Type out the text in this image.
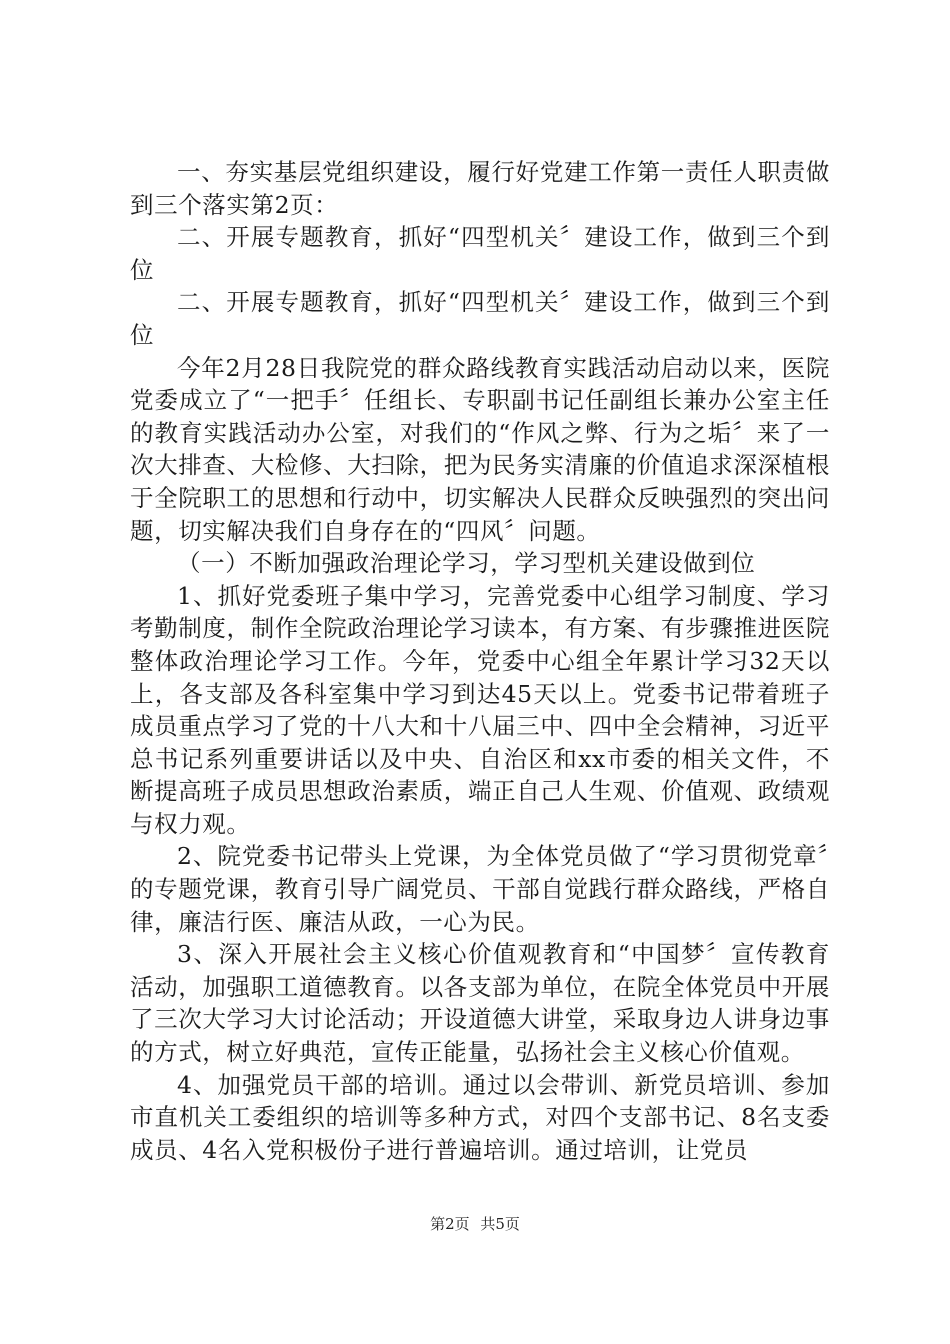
一、夯实基层党组织建设，履行好党建工作第一责任人职责做到三个落实第2页：

二、开展专题教育，抓好“四型机关〞建设工作，做到三个到位

二、开展专题教育，抓好“四型机关〞建设工作，做到三个到位

今年2月28日我院党的群众路线教育实践活动启动以来，医院党委成立了“一把手〞任组长、专职副书记任副组长兼办公室主任的教育实践活动办公室，对我们的“作风之弊、行为之垢〞来了一次大排查、大检修、大扫除，把为民务实清廉的价值追求深深植根于全院职工的思想和行动中，切实解决人民群众反映强烈的突出问题，切实解决我们自身存在的“四风〞问题。

（一）不断加强政治理论学习，学习型机关建设做到位

1、抓好党委班子集中学习，完善党委中心组学习制度、学习考勤制度，制作全院政治理论学习读本，有方案、有步骤推进医院整体政治理论学习工作。今年，党委中心组全年累计学习32天以上，各支部及各科室集中学习到达45天以上。党委书记带着班子成员重点学习了党的十八大和十八届三中、四中全会精神，习近平总书记系列重要讲话以及中央、自治区和xx市委的相关文件，不断提高班子成员思想政治素质，端正自己人生观、价值观、政绩观与权力观。

2、院党委书记带头上党课，为全体党员做了“学习贯彻党章〞的专题党课，教育引导广阔党员、干部自觉践行群众路线，严格自律，廉洁行医、廉洁从政，一心为民。

3、深入开展社会主义核心价值观教育和“中国梦〞宣传教育活动，加强职工道德教育。以各支部为单位，在院全体党员中开展了三次大学习大讨论活动；开设道德大讲堂，采取身边人讲身边事的方式，树立好典范，宣传正能量，弘扬社会主义核心价值观。

4、加强党员干部的培训。通过以会带训、新党员培训、参加市直机关工委组织的培训等多种方式，对四个支部书记、8名支委成员、4名入党积极份子进行普遍培训。通过培训，让党员

第2页 共5页
